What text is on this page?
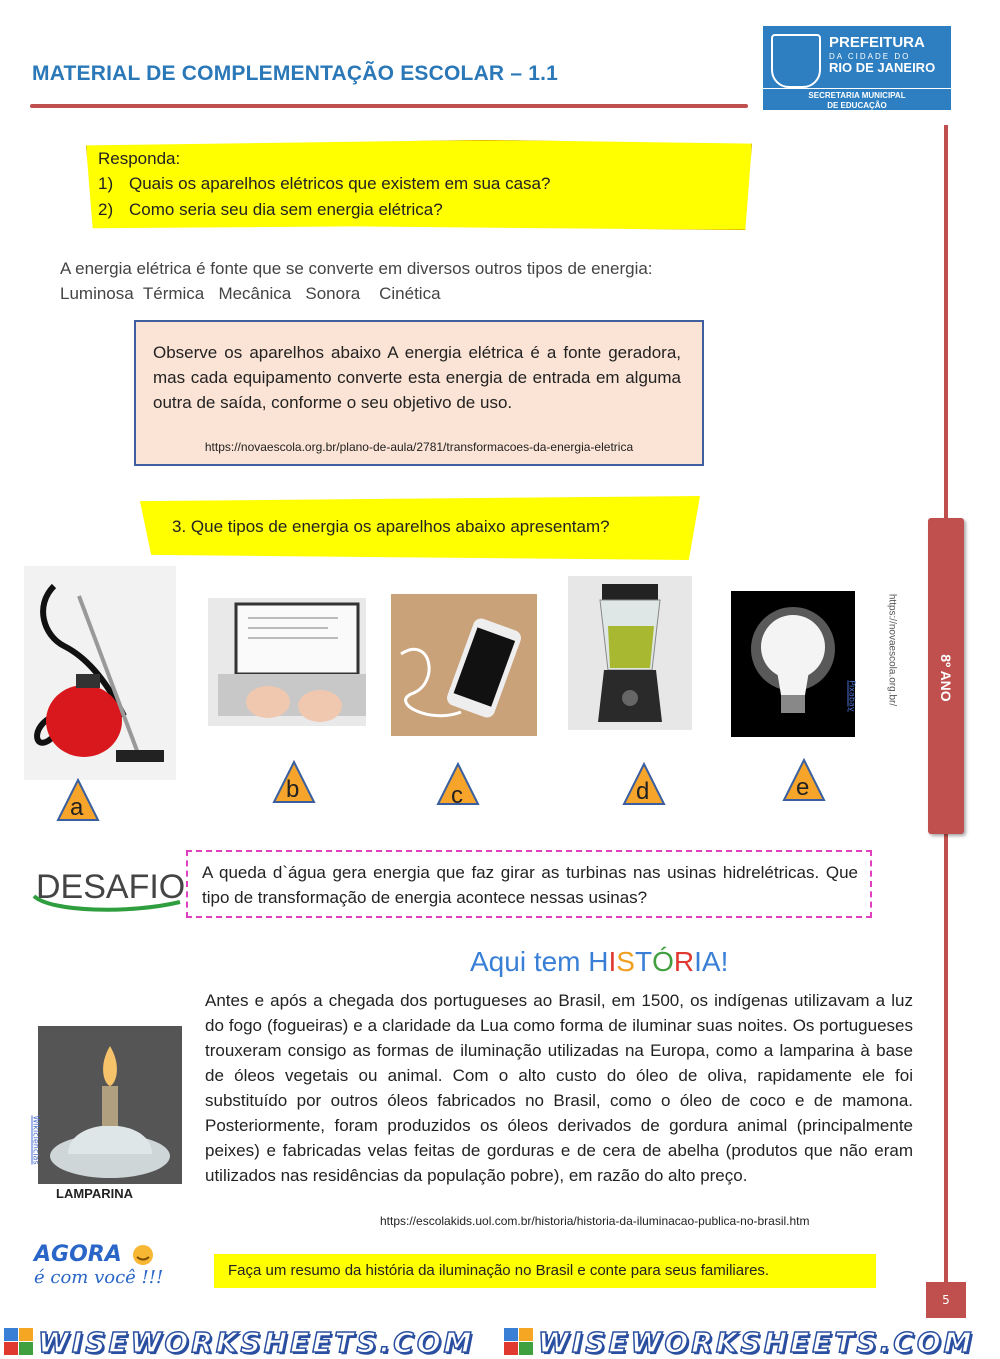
MATERIAL DE COMPLEMENTAÇÃO ESCOLAR – 1.1
PREFEITURA
DA CIDADE DO
RIO DE JANEIRO
SECRETARIA MUNICIPAL
DE EDUCAÇÃO
8º ANO
Responda:
1) Quais os aparelhos elétricos que existem em sua casa?
2) Como seria seu dia sem energia elétrica?
A energia elétrica é fonte que se converte em diversos outros tipos de energia:
Luminosa Térmica Mecânica Sonora Cinética
Observe os aparelhos abaixo A energia elétrica é a fonte geradora, mas cada equipamento converte esta energia de entrada em alguma outra de saída, conforme o seu objetivo de uso.
https://novaescola.org.br/plano-de-aula/2781/transformacoes-da-energia-eletrica
3. Que tipos de energia os aparelhos abaixo apresentam?
a
b	c	d	e
https://novaescola.org.br/
Pixabay
DESAFIO A queda d`água gera energia que faz girar as turbinas nas usinas hidrelétricas. Que tipo de transformação de energia acontece nessas usinas?
Aqui tem HISTÓRIA!
Wikiciencias
LAMPARINA
Antes e após a chegada dos portugueses ao Brasil, em 1500, os indígenas utilizavam a luz do fogo (fogueiras) e a claridade da Lua como forma de iluminar suas noites. Os portugueses trouxeram consigo as formas de iluminação utilizadas na Europa, como a lamparina à base de óleos vegetais ou animal. Com o alto custo do óleo de oliva, rapidamente ele foi substituído por outros óleos fabricados no Brasil, como o óleo de coco e de mamona. Posteriormente, foram produzidos os óleos derivados de gordura animal (principalmente peixes) e fabricadas velas feitas de gorduras e de cera de abelha (produtos que não eram utilizados nas residências da população pobre), em razão do alto preço.
https://escolakids.uol.com.br/historia/historia-da-iluminacao-publica-no-brasil.htm
AGORA
é com você !!!	Faça um resumo da história da iluminação no Brasil e conte para seus familiares.
5
WISEWORKSHEETS.COM WISEWORKSHEETS.COM
